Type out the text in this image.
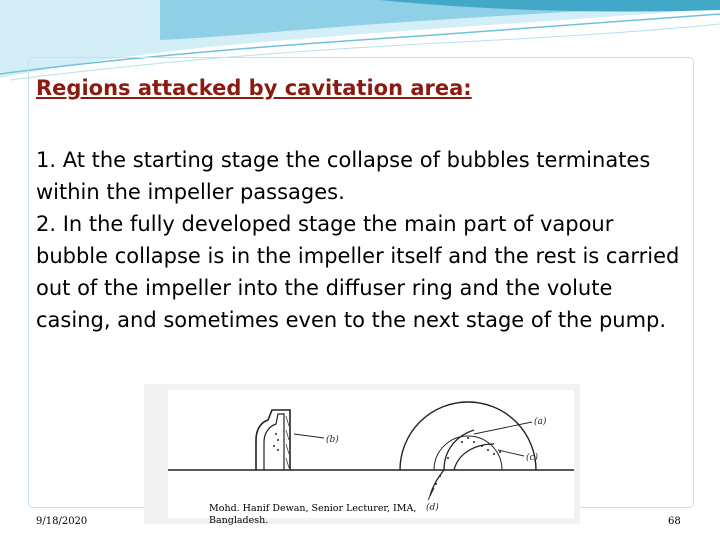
Regions attacked by cavitation area:

1. At the starting stage the collapse of bubbles terminates within the impeller passages.

2. In the fully developed stage the main part of vapour bubble collapse is in the impeller itself and the rest is carried out of the impeller into the diffuser ring and the volute casing, and sometimes even to the next stage of the pump.

(b)
(a)
(c)
(d)
9/18/2020
Mohd. Hanif Dewan, Senior Lecturer, IMA,
Bangladesh.	68
